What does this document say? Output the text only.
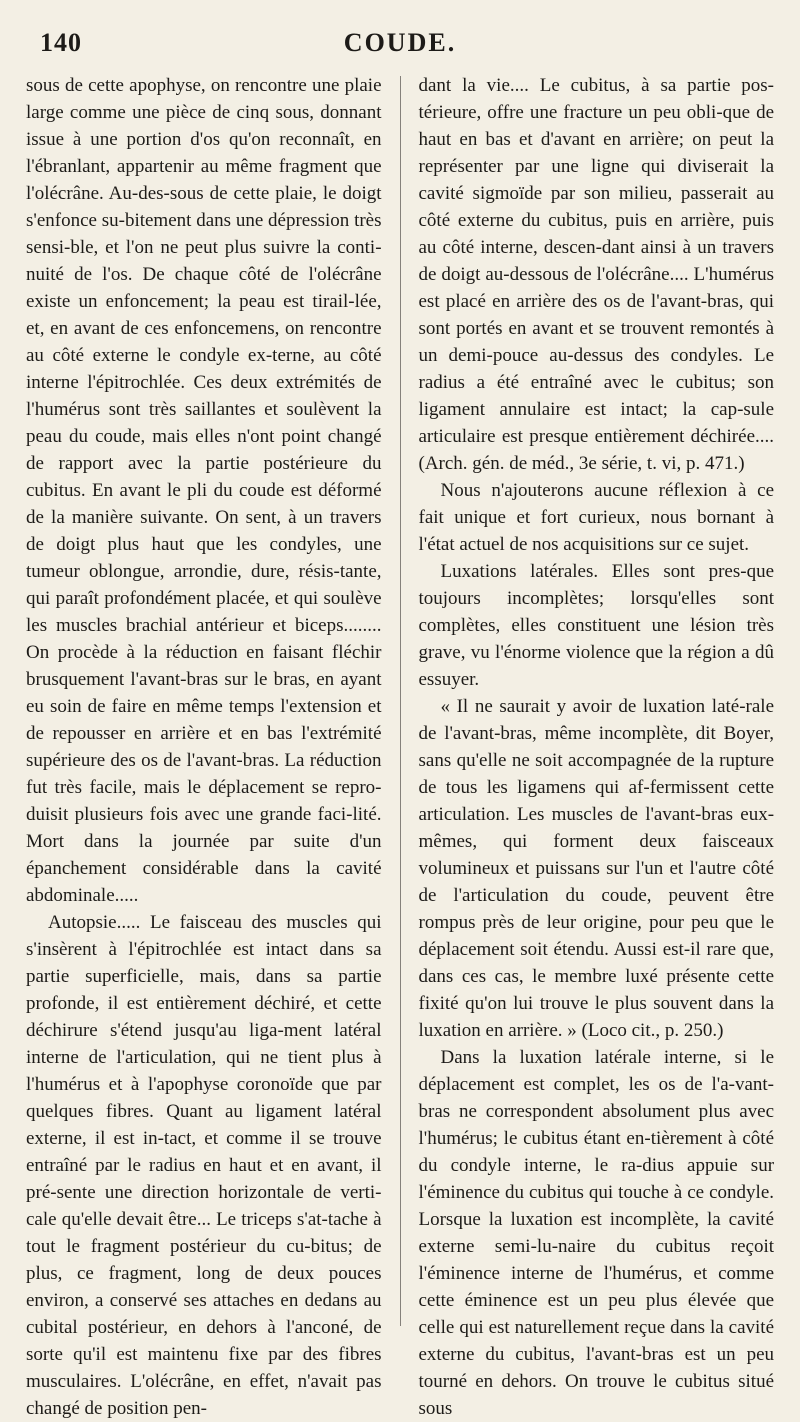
140	COUDE.

sous de cette apophyse, on rencontre une plaie large comme une pièce de cinq sous, donnant issue à une portion d'os qu'on reconnaît, en l'ébranlant, appartenir au même fragment que l'olécrâne. Au-des-sous de cette plaie, le doigt s'enfonce su-bitement dans une dépression très sensi-ble, et l'on ne peut plus suivre la conti-nuité de l'os. De chaque côté de l'olécrâne existe un enfoncement; la peau est tirail-lée, et, en avant de ces enfoncemens, on rencontre au côté externe le condyle ex-terne, au côté interne l'épitrochlée. Ces deux extrémités de l'humérus sont très saillantes et soulèvent la peau du coude, mais elles n'ont point changé de rapport avec la partie postérieure du cubitus. En avant le pli du coude est déformé de la manière suivante. On sent, à un travers de doigt plus haut que les condyles, une tumeur oblongue, arrondie, dure, résis-tante, qui paraît profondément placée, et qui soulève les muscles brachial antérieur et biceps........ On procède à la réduction en faisant fléchir brusquement l'avant-bras sur le bras, en ayant eu soin de faire en même temps l'extension et de repousser en arrière et en bas l'extrémité supérieure des os de l'avant-bras. La réduction fut très facile, mais le déplacement se repro-duisit plusieurs fois avec une grande faci-lité. Mort dans la journée par suite d'un épanchement considérable dans la cavité abdominale.....

Autopsie..... Le faisceau des muscles qui s'insèrent à l'épitrochlée est intact dans sa partie superficielle, mais, dans sa partie profonde, il est entièrement déchiré, et cette déchirure s'étend jusqu'au liga-ment latéral interne de l'articulation, qui ne tient plus à l'humérus et à l'apophyse coronoïde que par quelques fibres. Quant au ligament latéral externe, il est in-tact, et comme il se trouve entraîné par le radius en haut et en avant, il pré-sente une direction horizontale de verti-cale qu'elle devait être... Le triceps s'at-tache à tout le fragment postérieur du cu-bitus; de plus, ce fragment, long de deux pouces environ, a conservé ses attaches en dedans au cubital postérieur, en dehors à l'anconé, de sorte qu'il est maintenu fixe par des fibres musculaires. L'olécrâne, en effet, n'avait pas changé de position pen-

dant la vie.... Le cubitus, à sa partie pos-térieure, offre une fracture un peu obli-que de haut en bas et d'avant en arrière; on peut la représenter par une ligne qui diviserait la cavité sigmoïde par son milieu, passerait au côté externe du cubitus, puis en arrière, puis au côté interne, descen-dant ainsi à un travers de doigt au-dessous de l'olécrâne.... L'humérus est placé en arrière des os de l'avant-bras, qui sont portés en avant et se trouvent remontés à un demi-pouce au-dessus des condyles. Le radius a été entraîné avec le cubitus; son ligament annulaire est intact; la cap-sule articulaire est presque entièrement déchirée.... (Arch. gén. de méd., 3e série, t. vi, p. 471.)

Nous n'ajouterons aucune réflexion à ce fait unique et fort curieux, nous bornant à l'état actuel de nos acquisitions sur ce sujet.

Luxations latérales. Elles sont pres-que toujours incomplètes; lorsqu'elles sont complètes, elles constituent une lésion très grave, vu l'énorme violence que la région a dû essuyer.

« Il ne saurait y avoir de luxation laté-rale de l'avant-bras, même incomplète, dit Boyer, sans qu'elle ne soit accompagnée de la rupture de tous les ligamens qui af-fermissent cette articulation. Les muscles de l'avant-bras eux-mêmes, qui forment deux faisceaux volumineux et puissans sur l'un et l'autre côté de l'articulation du coude, peuvent être rompus près de leur origine, pour peu que le déplacement soit étendu. Aussi est-il rare que, dans ces cas, le membre luxé présente cette fixité qu'on lui trouve le plus souvent dans la luxation en arrière. » (Loco cit., p. 250.)

Dans la luxation latérale interne, si le déplacement est complet, les os de l'a-vant-bras ne correspondent absolument plus avec l'humérus; le cubitus étant en-tièrement à côté du condyle interne, le ra-dius appuie sur l'éminence du cubitus qui touche à ce condyle. Lorsque la luxation est incomplète, la cavité externe semi-lu-naire du cubitus reçoit l'éminence interne de l'humérus, et comme cette éminence est un peu plus élevée que celle qui est naturellement reçue dans la cavité externe du cubitus, l'avant-bras est un peu tourné en dehors. On trouve le cubitus situé sous
